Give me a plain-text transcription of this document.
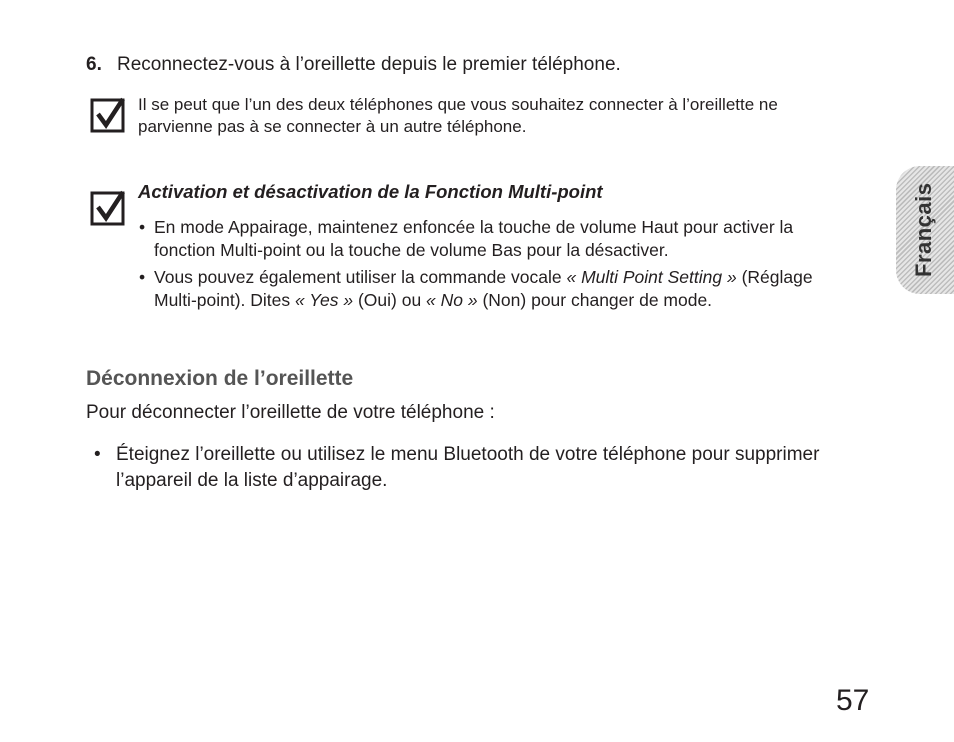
6. Reconnectez-vous à l’oreillette depuis le premier téléphone.
Il se peut que l’un des deux téléphones que vous souhaitez connecter à l’oreillette ne parvienne pas à se connecter à un autre téléphone.
Activation et désactivation de la Fonction Multi-point
• En mode Appairage, maintenez enfoncée la touche de volume Haut pour activer la fonction Multi-point ou la touche de volume Bas pour la désactiver.
• Vous pouvez également utiliser la commande vocale « Multi Point Setting » (Réglage Multi-point). Dites « Yes » (Oui) ou « No » (Non) pour changer de mode.
Déconnexion de l’oreillette
Pour déconnecter l’oreillette de votre téléphone :
• Éteignez l’oreillette ou utilisez le menu Bluetooth de votre téléphone pour supprimer l’appareil de la liste d’appairage.
Français
57
